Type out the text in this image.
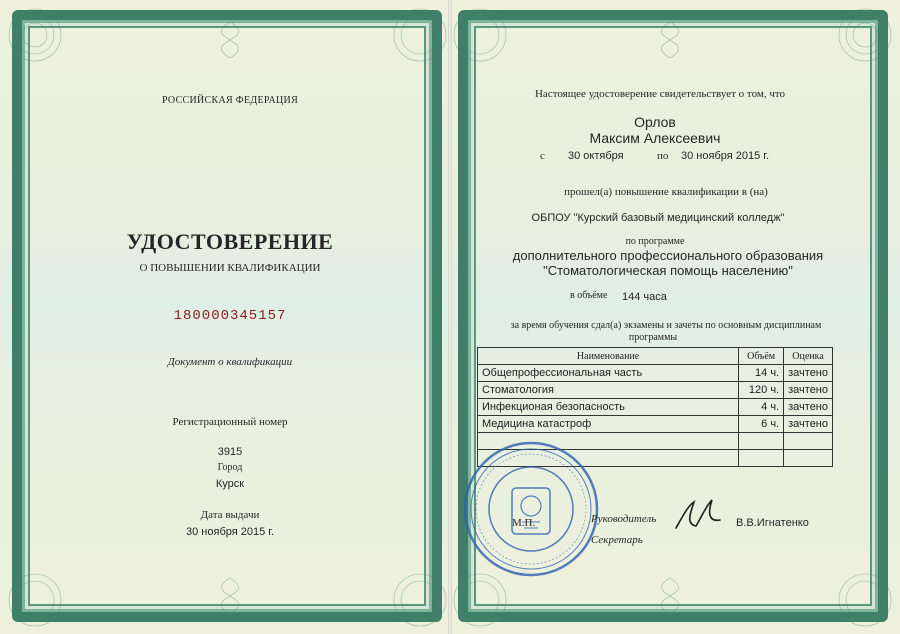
РОССИЙСКАЯ ФЕДЕРАЦИЯ
УДОСТОВЕРЕНИЕ
О ПОВЫШЕНИИ КВАЛИФИКАЦИИ
180000345157
Документ о квалификации
Регистрационный номер
3915
Город
Курск
Дата выдачи
30 ноября 2015 г.
Настоящее удостоверение свидетельствует о том, что
Орлов
Максим Алексеевич
с 30 октября	по 30 ноября 2015 г.
прошел(а) повышение квалификации в (на)
ОБПОУ "Курский базовый медицинский колледж"
по программе
дополнительного профессионального образования
"Стоматологическая помощь населению"
в объёме 144 часа
за время обучения сдал(а) экзамены и зачеты по основным дисциплинам
программы
Наименование	Объём	Оценка
Общепрофессиональная часть	14 ч.	зачтено
Стоматология	120 ч.	зачтено
Инфекционая безопасность	4 ч.	зачтено
Медицина катастроф	6 ч.	зачтено

М.П.	Руководитель
Секретарь
В.В.Игнатенко
